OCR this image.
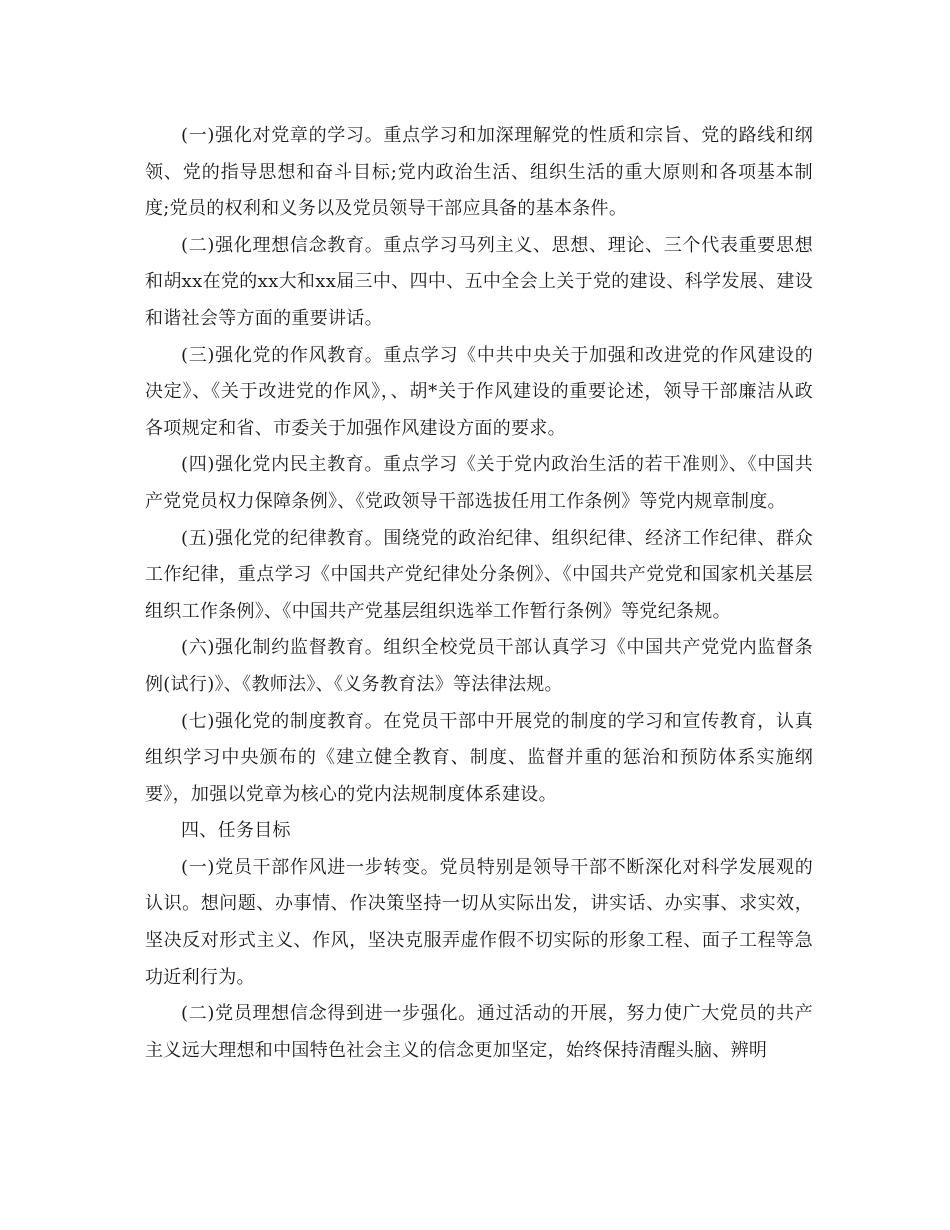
(一)强化对党章的学习。重点学习和加深理解党的性质和宗旨、党的路线和纲领、党的指导思想和奋斗目标;党内政治生活、组织生活的重大原则和各项基本制度;党员的权利和义务以及党员领导干部应具备的基本条件。

(二)强化理想信念教育。重点学习马列主义、思想、理论、三个代表重要思想和胡xx在党的xx大和xx届三中、四中、五中全会上关于党的建设、科学发展、建设和谐社会等方面的重要讲话。

(三)强化党的作风教育。重点学习《中共中央关于加强和改进党的作风建设的决定》、《关于改进党的作风》，、胡*关于作风建设的重要论述，领导干部廉洁从政各项规定和省、市委关于加强作风建设方面的要求。

(四)强化党内民主教育。重点学习《关于党内政治生活的若干准则》、《中国共产党党员权力保障条例》、《党政领导干部选拔任用工作条例》等党内规章制度。

(五)强化党的纪律教育。围绕党的政治纪律、组织纪律、经济工作纪律、群众工作纪律，重点学习《中国共产党纪律处分条例》、《中国共产党党和国家机关基层组织工作条例》、《中国共产党基层组织选举工作暂行条例》等党纪条规。

(六)强化制约监督教育。组织全校党员干部认真学习《中国共产党党内监督条例(试行)》、《教师法》、《义务教育法》等法律法规。

(七)强化党的制度教育。在党员干部中开展党的制度的学习和宣传教育，认真组织学习中央颁布的《建立健全教育、制度、监督并重的惩治和预防体系实施纲要》，加强以党章为核心的党内法规制度体系建设。

四、任务目标

(一)党员干部作风进一步转变。党员特别是领导干部不断深化对科学发展观的认识。想问题、办事情、作决策坚持一切从实际出发，讲实话、办实事、求实效，坚决反对形式主义、作风，坚决克服弄虚作假不切实际的形象工程、面子工程等急功近利行为。

(二)党员理想信念得到进一步强化。通过活动的开展，努力使广大党员的共产主义远大理想和中国特色社会主义的信念更加坚定，始终保持清醒头脑、辨明
